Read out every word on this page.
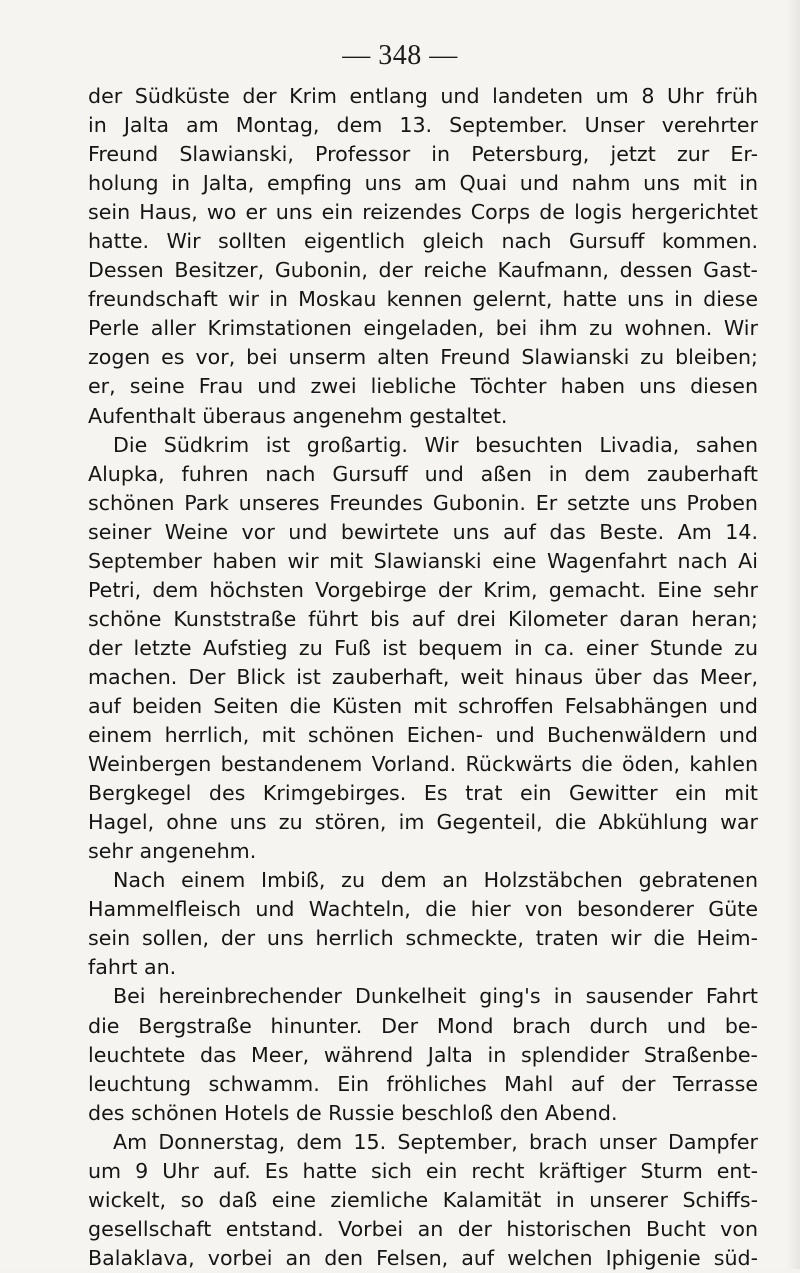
— 348 —
der Südküste der Krim entlang und landeten um 8 Uhr früh
in Jalta am Montag, dem 13. September. Unser verehrter
Freund Slawianski, Professor in Petersburg, jetzt zur Er-
holung in Jalta, empfing uns am Quai und nahm uns mit in
sein Haus, wo er uns ein reizendes Corps de logis hergerichtet
hatte. Wir sollten eigentlich gleich nach Gursuff kommen.
Dessen Besitzer, Gubonin, der reiche Kaufmann, dessen Gast-
freundschaft wir in Moskau kennen gelernt, hatte uns in diese
Perle aller Krimstationen eingeladen, bei ihm zu wohnen. Wir
zogen es vor, bei unserm alten Freund Slawianski zu bleiben;
er, seine Frau und zwei liebliche Töchter haben uns diesen
Aufenthalt überaus angenehm gestaltet.
Die Südkrim ist großartig. Wir besuchten Livadia, sahen
Alupka, fuhren nach Gursuff und aßen in dem zauberhaft
schönen Park unseres Freundes Gubonin. Er setzte uns Proben
seiner Weine vor und bewirtete uns auf das Beste. Am 14.
September haben wir mit Slawianski eine Wagenfahrt nach Ai
Petri, dem höchsten Vorgebirge der Krim, gemacht. Eine sehr
schöne Kunststraße führt bis auf drei Kilometer daran heran;
der letzte Aufstieg zu Fuß ist bequem in ca. einer Stunde zu
machen. Der Blick ist zauberhaft, weit hinaus über das Meer,
auf beiden Seiten die Küsten mit schroffen Felsabhängen und
einem herrlich, mit schönen Eichen- und Buchenwäldern und
Weinbergen bestandenem Vorland. Rückwärts die öden, kahlen
Bergkegel des Krimgebirges. Es trat ein Gewitter ein mit
Hagel, ohne uns zu stören, im Gegenteil, die Abkühlung war
sehr angenehm.
Nach einem Imbiß, zu dem an Holzstäbchen gebratenen
Hammelfleisch und Wachteln, die hier von besonderer Güte
sein sollen, der uns herrlich schmeckte, traten wir die Heim-
fahrt an.
Bei hereinbrechender Dunkelheit ging's in sausender Fahrt
die Bergstraße hinunter. Der Mond brach durch und be-
leuchtete das Meer, während Jalta in splendider Straßenbe-
leuchtung schwamm. Ein fröhliches Mahl auf der Terrasse
des schönen Hotels de Russie beschloß den Abend.
Am Donnerstag, dem 15. September, brach unser Dampfer
um 9 Uhr auf. Es hatte sich ein recht kräftiger Sturm ent-
wickelt, so daß eine ziemliche Kalamität in unserer Schiffs-
gesellschaft entstand. Vorbei an der historischen Bucht von
Balaklava, vorbei an den Felsen, auf welchen Iphigenie süd-
